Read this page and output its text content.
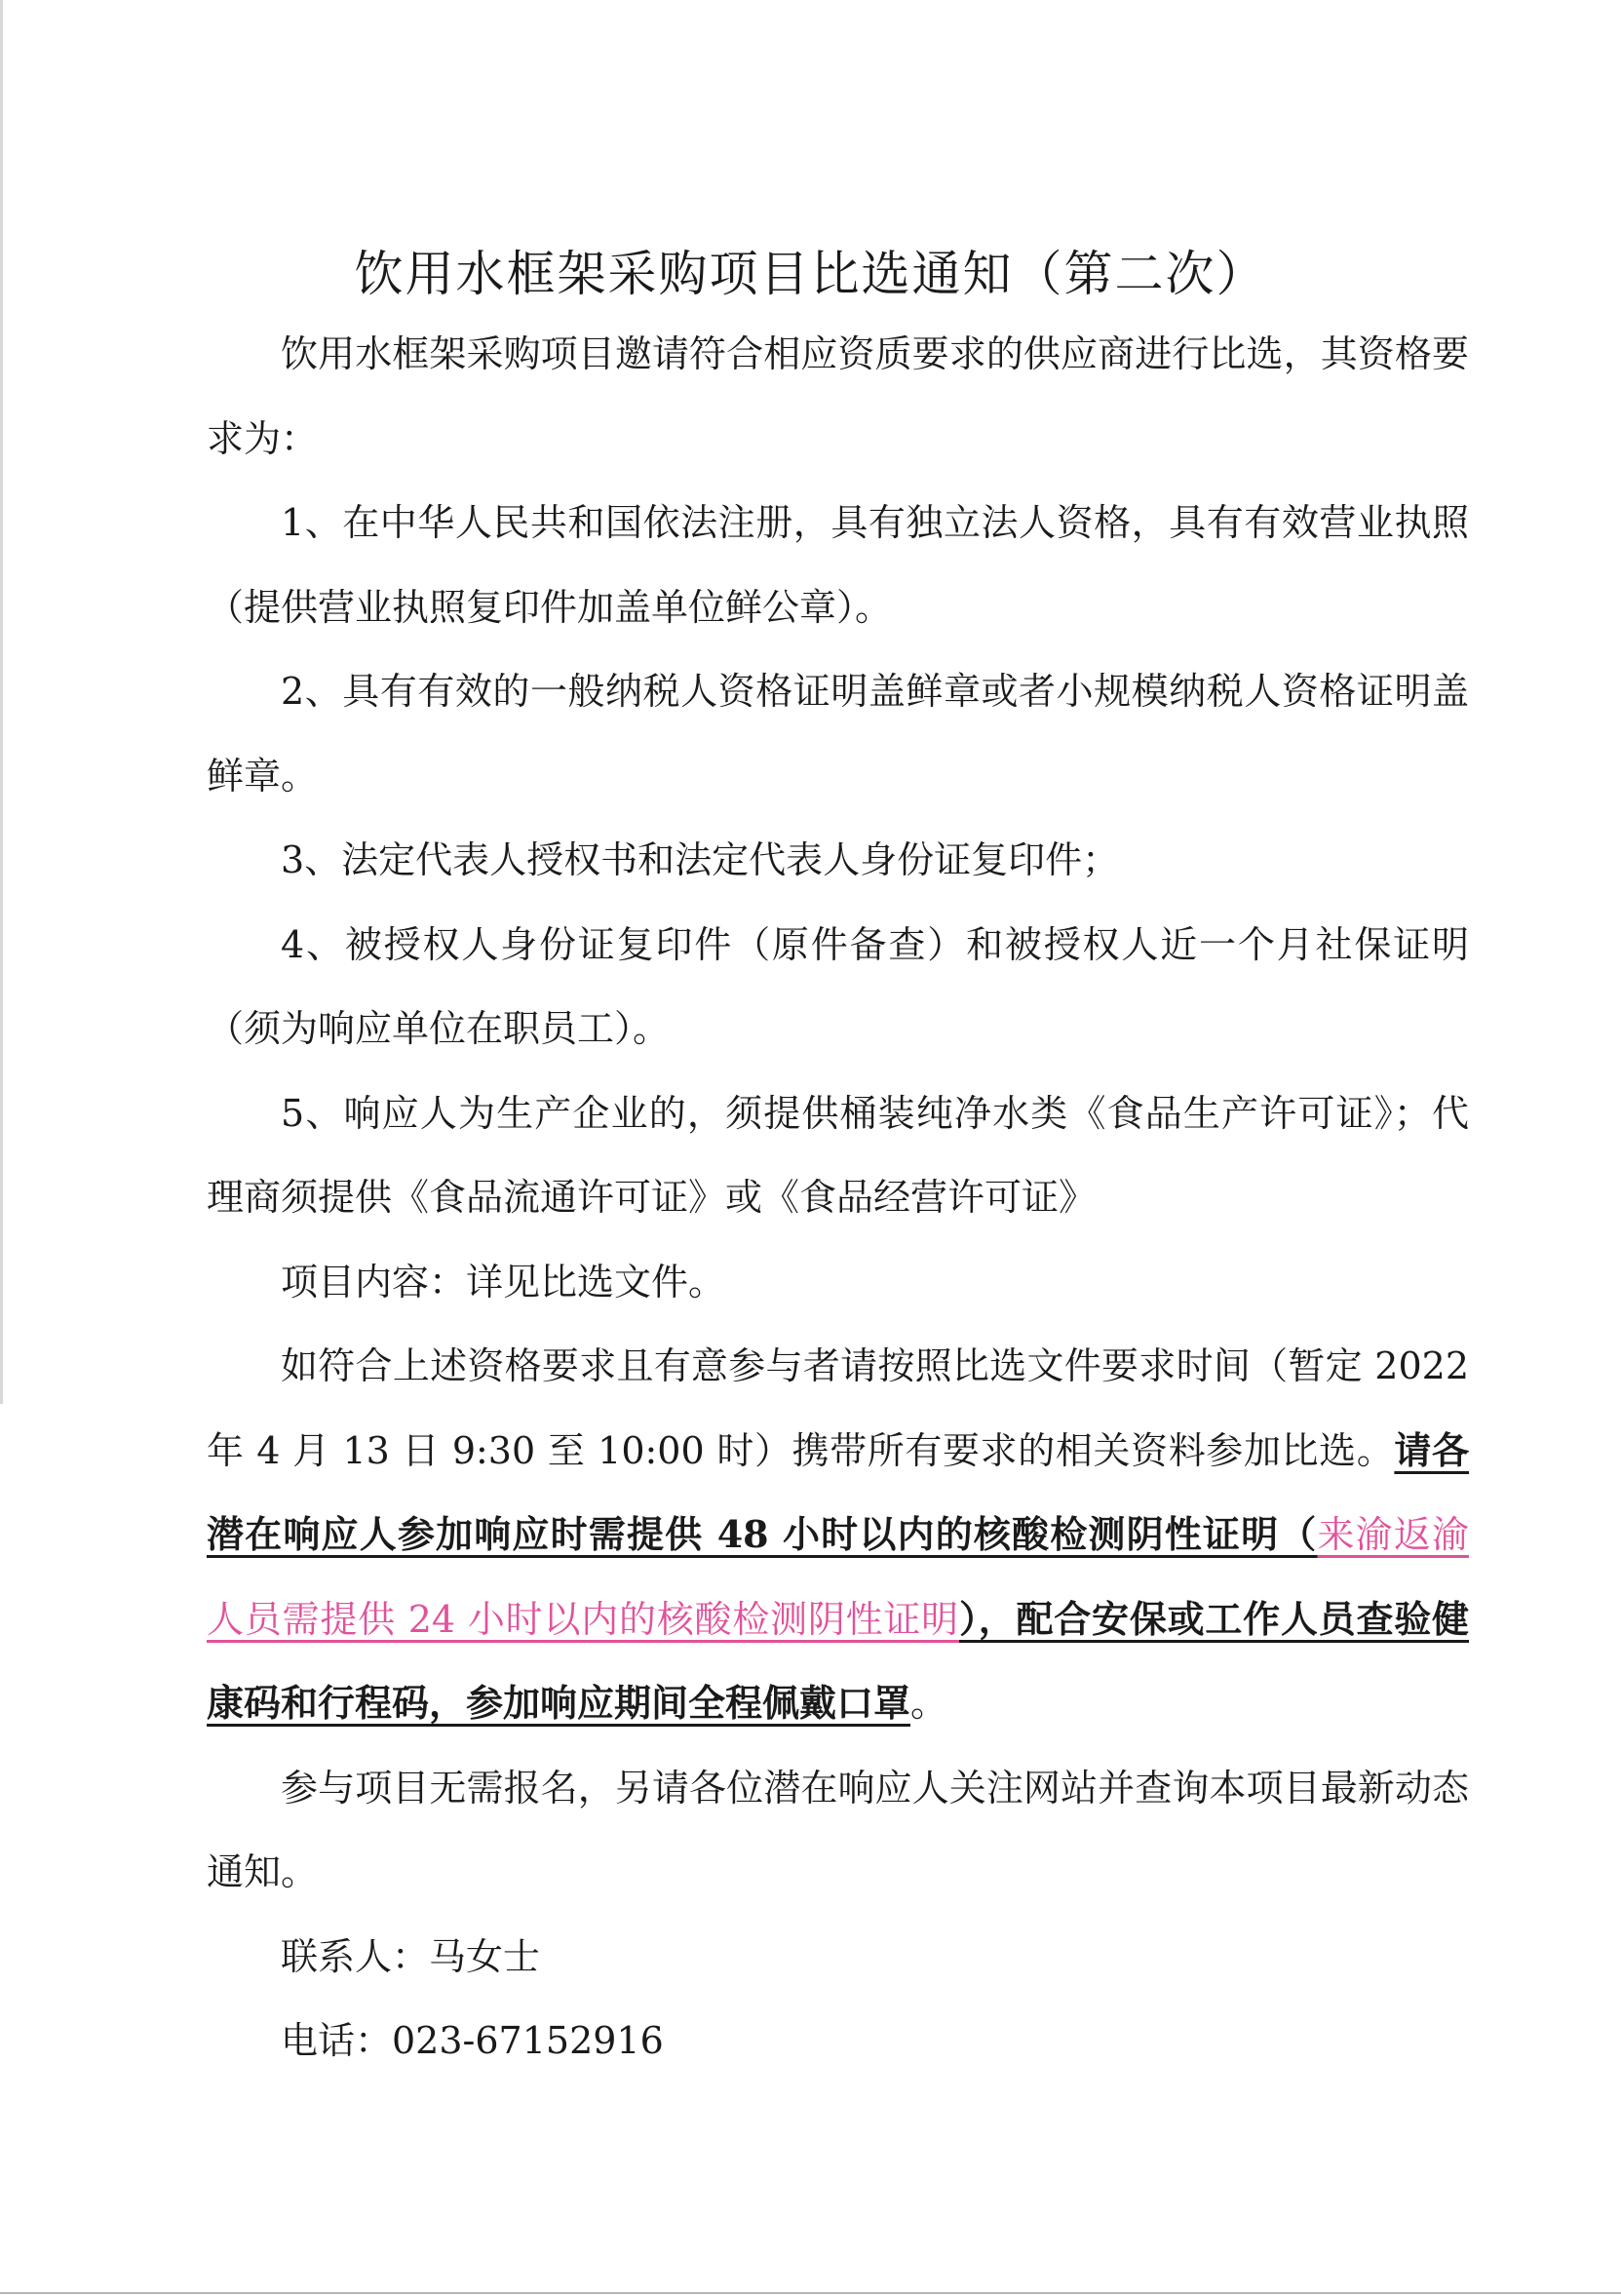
饮用水框架采购项目比选通知（第二次）

饮用水框架采购项目邀请符合相应资质要求的供应商进行比选，其资格要求为：

1、在中华人民共和国依法注册，具有独立法人资格，具有有效营业执照（提供营业执照复印件加盖单位鲜公章）。

2、具有有效的一般纳税人资格证明盖鲜章或者小规模纳税人资格证明盖鲜章。

3、法定代表人授权书和法定代表人身份证复印件；

4、被授权人身份证复印件（原件备查）和被授权人近一个月社保证明（须为响应单位在职员工）。

5、响应人为生产企业的，须提供桶装纯净水类《食品生产许可证》；代理商须提供《食品流通许可证》或《食品经营许可证》

项目内容：详见比选文件。

如符合上述资格要求且有意参与者请按照比选文件要求时间（暂定 2022 年 4 月 13 日 9:30 至 10:00 时）携带所有要求的相关资料参加比选。请各潜在响应人参加响应时需提供 48 小时以内的核酸检测阴性证明（来渝返渝人员需提供 24 小时以内的核酸检测阴性证明），配合安保或工作人员查验健康码和行程码，参加响应期间全程佩戴口罩。

参与项目无需报名，另请各位潜在响应人关注网站并查询本项目最新动态通知。

联系人：马女士

电话：023-67152916
